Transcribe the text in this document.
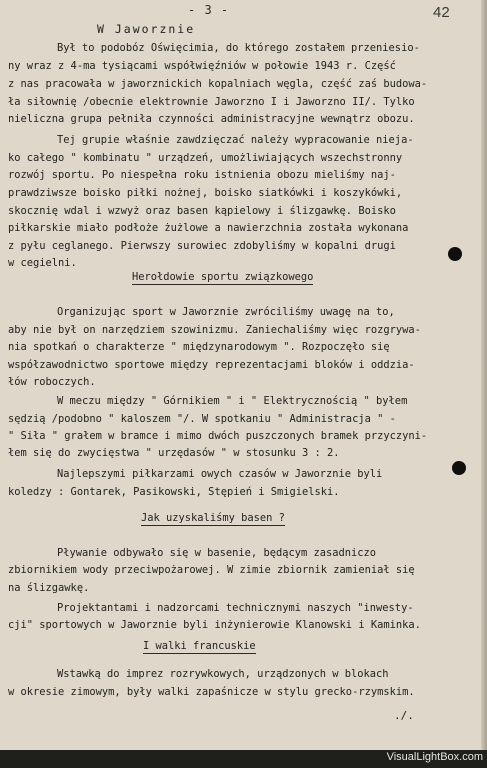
- 3 -	42
W Jaworznie
Był to podobóz Oświęcimia, do którego zostałem przeniesio-
ny wraz z 4-ma tysiącami współwięźniów w połowie 1943 r. Część
z nas pracowała w jaworznickich kopalniach węgla, część zaś budowa-
ła siłownię /obecnie elektrownie Jaworzno I i Jaworzno II/. Tylko
nieliczna grupa pełniła czynności administracyjne wewnątrz obozu.
Tej grupie właśnie zawdzięczać należy wypracowanie nieja-
ko całego " kombinatu " urządzeń, umożliwiających wszechstronny
rozwój sportu. Po niespełna roku istnienia obozu mieliśmy naj-
prawdziwsze boisko piłki nożnej, boisko siatkówki i koszykówki,
skocznię wdal i wzwyż oraz basen kąpielowy i ślizgawkę. Boisko
piłkarskie miało podłoże żużlowe a nawierzchnia została wykonana
z pyłu ceglanego. Pierwszy surowiec zdobyliśmy w kopalni drugi
w cegielni.
Herołdowie sportu związkowego
Organizując sport w Jaworznie zwróciliśmy uwagę na to,
aby nie był on narzędziem szowinizmu. Zaniechaliśmy więc rozgrywa-
nia spotkań o charakterze " międzynarodowym ". Rozpoczęło się
współzawodnictwo sportowe między reprezentacjami bloków i oddzia-
łów roboczych.
W meczu między " Górnikiem " i " Elektrycznością " byłem
sędzią /podobno " kaloszem "/. W spotkaniu " Administracja " -
" Siła " grałem w bramce i mimo dwóch puszczonych bramek przyczyni-
łem się do zwycięstwa " urzędasów " w stosunku 3 : 2.
Najlepszymi piłkarzami owych czasów w Jaworznie byli
koledzy : Gontarek, Pasikowski, Stępień i Smigielski.
Jak uzyskaliśmy basen ?
Pływanie odbywało się w basenie, będącym zasadniczo
zbiornikiem wody przeciwpożarowej. W zimie zbiornik zamieniał się
na ślizgawkę.
Projektantami i nadzorcami technicznymi naszych "inwesty-
cji" sportowych w Jaworznie byli inżynierowie Klanowski i Kaminka.
I walki francuskie
Wstawką do imprez rozrywkowych, urządzonych w blokach
w okresie zimowym, były walki zapaśnicze w stylu grecko-rzymskim.
./.
VisualLightBox.com
